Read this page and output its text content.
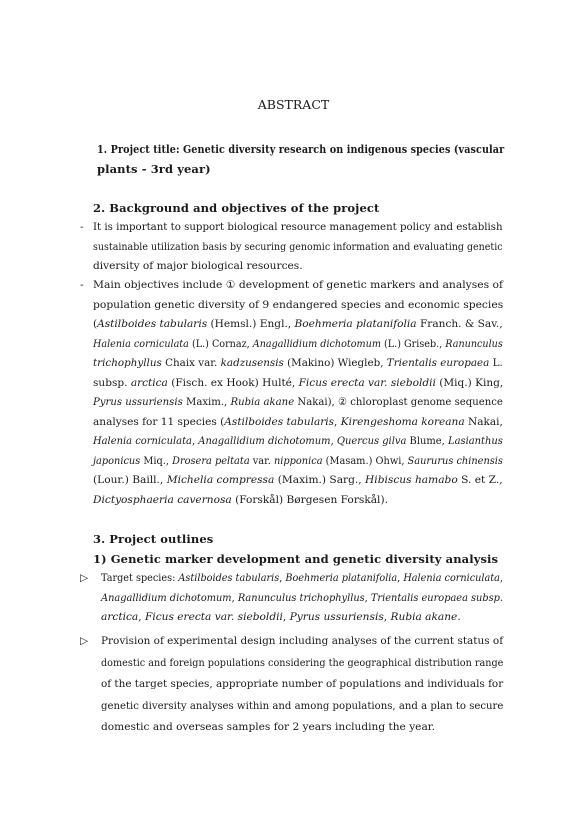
ABSTRACT
1. Project title: Genetic diversity research on indigenous species (vascular
plants - 3rd year)
2. Background and objectives of the project
- It is important to support biological resource management policy and establish
sustainable utilization basis by securing genomic information and evaluating genetic
diversity of major biological resources.
- Main objectives include ① development of genetic markers and analyses of
population genetic diversity of 9 endangered species and economic species
(Astilboides tabularis (Hemsl.) Engl., Boehmeria platanifolia Franch. & Sav.,
Halenia corniculata (L.) Cornaz, Anagallidium dichotomum (L.) Griseb., Ranunculus
trichophyllus Chaix var. kadzusensis (Makino) Wiegleb, Trientalis europaea L.
subsp. arctica (Fisch. ex Hook) Hulté, Ficus erecta var. sieboldii (Miq.) King,
Pyrus ussuriensis Maxim., Rubia akane Nakai), ② chloroplast genome sequence
analyses for 11 species (Astilboides tabularis, Kirengeshoma koreana Nakai,
Halenia corniculata, Anagallidium dichotomum, Quercus gilva Blume, Lasianthus
japonicus Miq., Drosera peltata var. nipponica (Masam.) Ohwi, Saururus chinensis
(Lour.) Baill., Michelia compressa (Maxim.) Sarg., Hibiscus hamabo S. et Z.,
Dictyosphaeria cavernosa (Forskål) Børgesen Forskål).
3. Project outlines
1) Genetic marker development and genetic diversity analysis
▷ Target species: Astilboides tabularis, Boehmeria platanifolia, Halenia corniculata,
Anagallidium dichotomum, Ranunculus trichophyllus, Trientalis europaea subsp.
arctica, Ficus erecta var. sieboldii, Pyrus ussuriensis, Rubia akane.
▷ Provision of experimental design including analyses of the current status of
domestic and foreign populations considering the geographical distribution range
of the target species, appropriate number of populations and individuals for
genetic diversity analyses within and among populations, and a plan to secure
domestic and overseas samples for 2 years including the year.
